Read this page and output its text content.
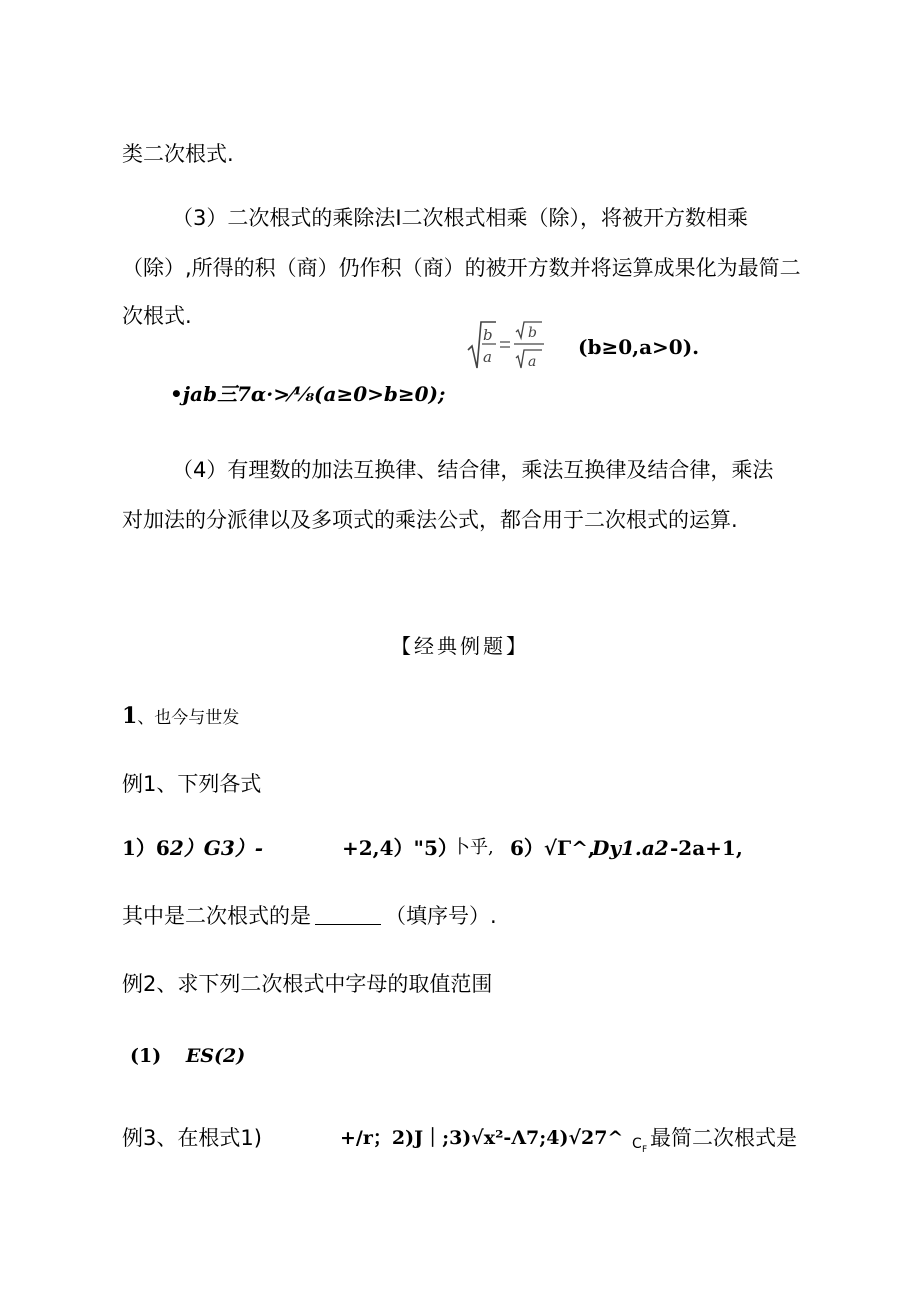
类二次根式.
（3）二次根式的乘除法I二次根式相乘（除），将被开方数相乘
（除）,所得的积（商）仍作积（商）的被开方数并将运算成果化为最简二
次根式.
b
a
b
a
(b≥0,a>0).
•jab三7α·>⁄⅛(a≥0>b≥0);
（4）有理数的加法互换律、结合律，乘法互换律及结合律，乘法
对加法的分派律以及多项式的乘法公式，都合用于二次根式的运算.
【经典例题】
1、也今与世发
例1、下列各式
1）62）G3）-	+2,4）"5）
卜乎, 6）√Γ^,
Dy1.a2 -2a+1,
其中是二次根式的是	（填序号）.
例2、求下列二次根式中字母的取值范围
(1) ES(2)
例3、在根式1)	+/r；2)J｜;3)√x²-Λ7;4)√27^ C F 最简二次根式是
